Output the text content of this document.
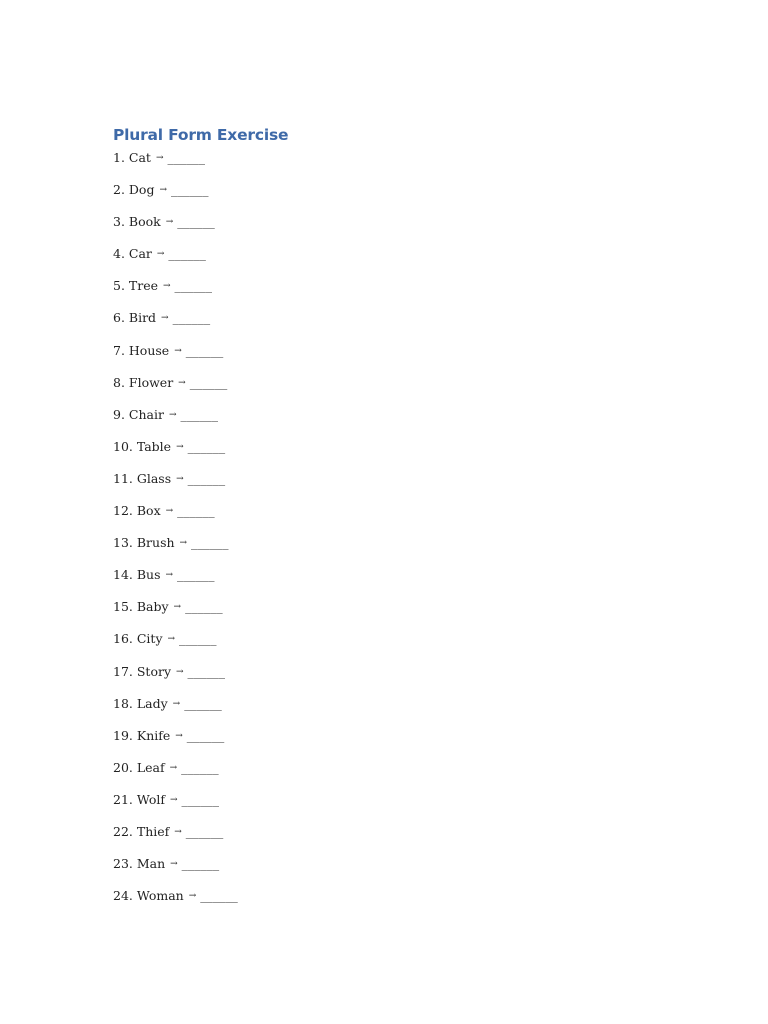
Plural Form Exercise
1. Cat → ______
2. Dog → ______
3. Book → ______
4. Car → ______
5. Tree → ______
6. Bird → ______
7. House → ______
8. Flower → ______
9. Chair → ______
10. Table → ______
11. Glass → ______
12. Box → ______
13. Brush → ______
14. Bus → ______
15. Baby → ______
16. City → ______
17. Story → ______
18. Lady → ______
19. Knife → ______
20. Leaf → ______
21. Wolf → ______
22. Thief → ______
23. Man → ______
24. Woman → ______
